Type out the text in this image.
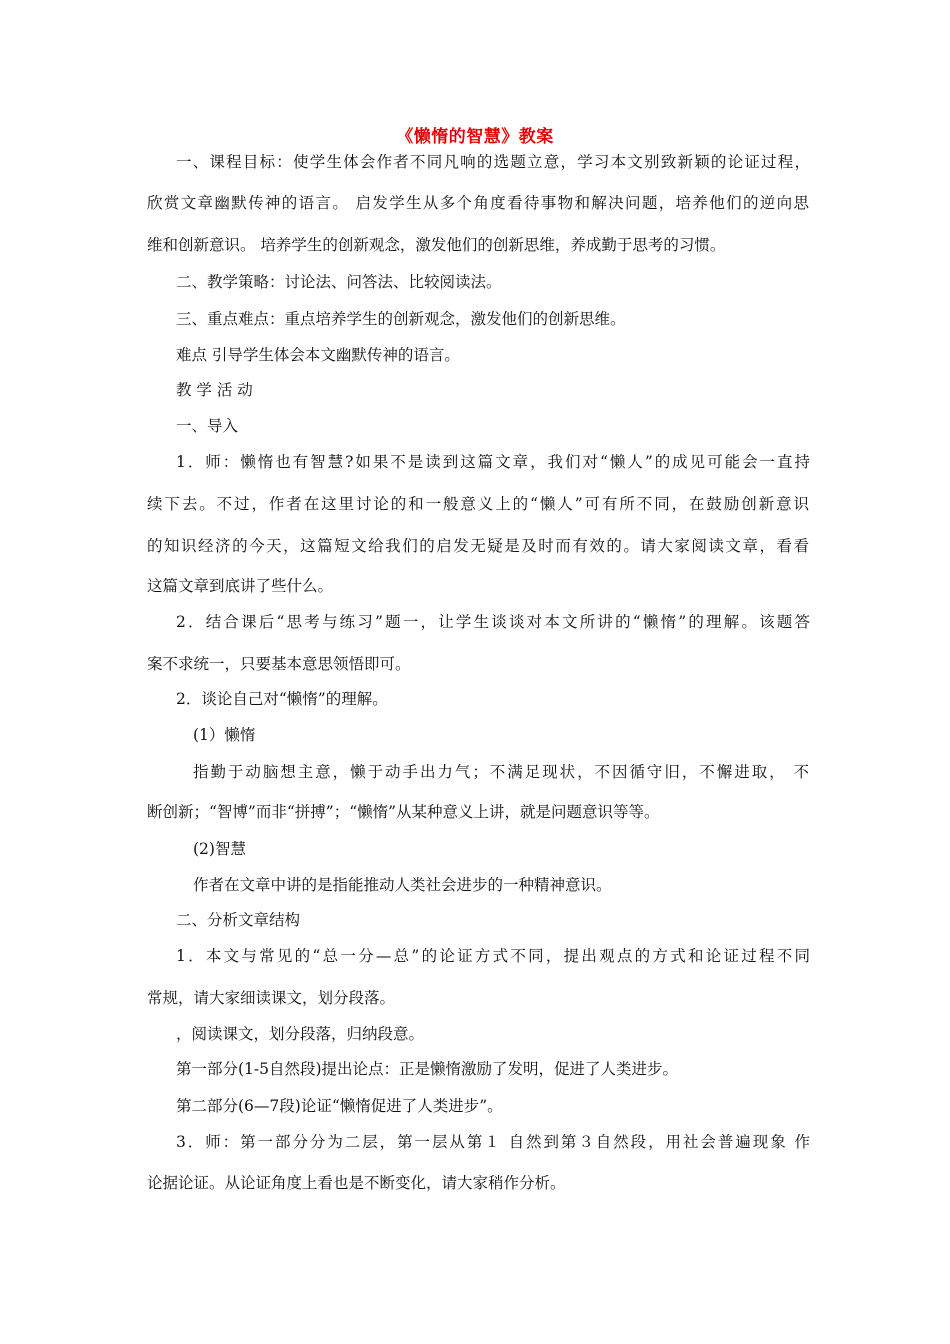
《懒惰的智慧》教案
一、课程目标：使学生体会作者不同凡响的选题立意，学习本文别致新颖的论证过程，
欣赏文章幽默传神的语言。 启发学生从多个角度看待事物和解决问题，培养他们的逆向思
维和创新意识。 培养学生的创新观念，激发他们的创新思维，养成勤于思考的习惯。
二、教学策略：讨论法、问答法、比较阅读法。
三、重点难点：重点培养学生的创新观念，激发他们的创新思维。
难点 引导学生体会本文幽默传神的语言。
教 学 活 动
一、导入
1．师：懒惰也有智慧?如果不是读到这篇文章，我们对“懒人”的成见可能会一直持
续下去。不过，作者在这里讨论的和一般意义上的“懒人”可有所不同，在鼓励创新意识
的知识经济的今天，这篇短文给我们的启发无疑是及时而有效的。请大家阅读文章，看看
这篇文章到底讲了些什么。
2．结合课后“思考与练习”题一，让学生谈谈对本文所讲的“懒惰”的理解。该题答
案不求统一，只要基本意思领悟即可。
2．谈论自己对“懒惰”的理解。
(1）懒惰
指勤于动脑想主意，懒于动手出力气；不满足现状，不因循守旧，不懈进取， 不
断创新；“智博”而非“拼搏”；“懒惰”从某种意义上讲，就是问题意识等等。
(2)智慧
作者在文章中讲的是指能推动人类社会进步的一种精神意识。
二、分析文章结构
1．本文与常见的“总一分—总”的论证方式不同，提出观点的方式和论证过程不同
常规，请大家细读课文，划分段落。
，阅读课文，划分段落，归纳段意。
第一部分(1-5自然段)提出论点：正是懒惰激励了发明，促进了人类进步。
第二部分(6—7段)论证“懒惰促进了人类进步”。
3．师：第一部分分为二层，第一层从第１ 自然到第３自然段，用社会普遍现象 作
论据论证。从论证角度上看也是不断变化，请大家稍作分析。
